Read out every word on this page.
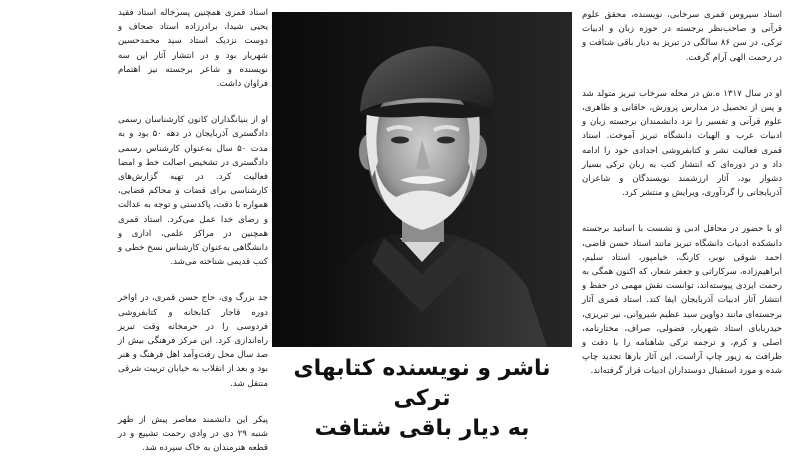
استاد سیروس قمری سرخابی، نویسنده، محقق علوم قرآنی و صاحب‌نظر برجسته در حوزه زبان و ادبیات ترکی، در سن ۸۶ سالگی در تبریز به دیار باقی شتافت و در رحمت الهی آرام گرفت.

او در سال ۱۳۱۷ ه.ش در محله سرخاب تبریز متولد شد و پس از تحصیل در مدارس پرورش، خاقانی و ظاهری، علوم قرآنی و تفسیر را نزد دانشمندان برجسته زبان و ادبیات عرب و الهیات دانشگاه تبریز آموخت. استاد قمری فعالیت نشر و کتابفروشی اجدادی خود را ادامه داد و در دوره‌ای که انتشار کتب به زبان ترکی بسیار دشوار بود، آثار ارزشمند نویسندگان و شاعران آذربایجانی را گردآوری، ویرایش و منتشر کرد.

او با حضور در محافل ادبی و نشست با اساتید برجسته دانشکده ادبیات دانشگاه تبریز مانند استاد حسن قاضی، احمد شوقی نوبر، کارنگ، خیامپور، استاد سلیم، ابراهیم‌زاده، سرکاراتی و جعفر شعار، که اکنون همگی به رحمت ایزدی پیوسته‌اند، توانست نقش مهمی در حفظ و انتشار آثار ادبیات آذربایجان ایفا کند. استاد قمری آثار برجسته‌ای مانند دواوین سید عظیم شیروانی، نیر تبریزی، حیدربابای استاد شهریار، فضولی، صراف، مختارنامه، اصلی و کرم، و ترجمه ترکی شاهنامه را با دقت و ظرافت به زیور چاپ آراست. این آثار بارها تجدید چاپ شده و مورد استقبال دوستداران ادبیات قرار گرفته‌اند.

ناشر و نویسنده کتابهای ترکی
به دیار باقی شتافت

استاد قمری همچنین پسرخاله استاد فقید یحیی شیدا، برادرزاده استاد صحاف و دوست نزدیک استاد سید محمدحسین شهریار بود و در انتشار آثار این سه نویسنده و شاعر برجسته نیز اهتمام فراوان داشت.

او از بنیانگذاران کانون کارشناسان رسمی دادگستری آذربایجان در دهه ۵۰ بود و به مدت ۵۰ سال به‌عنوان کارشناس رسمی دادگستری در تشخیص اصالت خط و امضا فعالیت کرد. در تهیه گزارش‌های کارشناسی برای قضات و محاکم قضایی، همواره با دقت، پاکدستی و توجه به عدالت و رضای خدا عمل می‌کرد. استاد قمری همچنین در مراکز علمی، اداری و دانشگاهی به‌عنوان کارشناس نسخ خطی و کتب قدیمی شناخته می‌شد.

جد بزرگ وی، حاج حسن قمری، در اواخر دوره قاجار کتابخانه و کتابفروشی فردوسی را در حرمخانه وقت تبریز راه‌اندازی کرد. این مرکز فرهنگی بیش از صد سال محل رفت‌وآمد اهل فرهنگ و هنر بود و بعد از انقلاب به خیابان تربیت شرقی منتقل شد.

پیکر این دانشمند معاصر پیش از ظهر شنبه ۲۹ دی در وادی رحمت تشییع و در قطعه هنرمندان به خاک سپرده شد.
